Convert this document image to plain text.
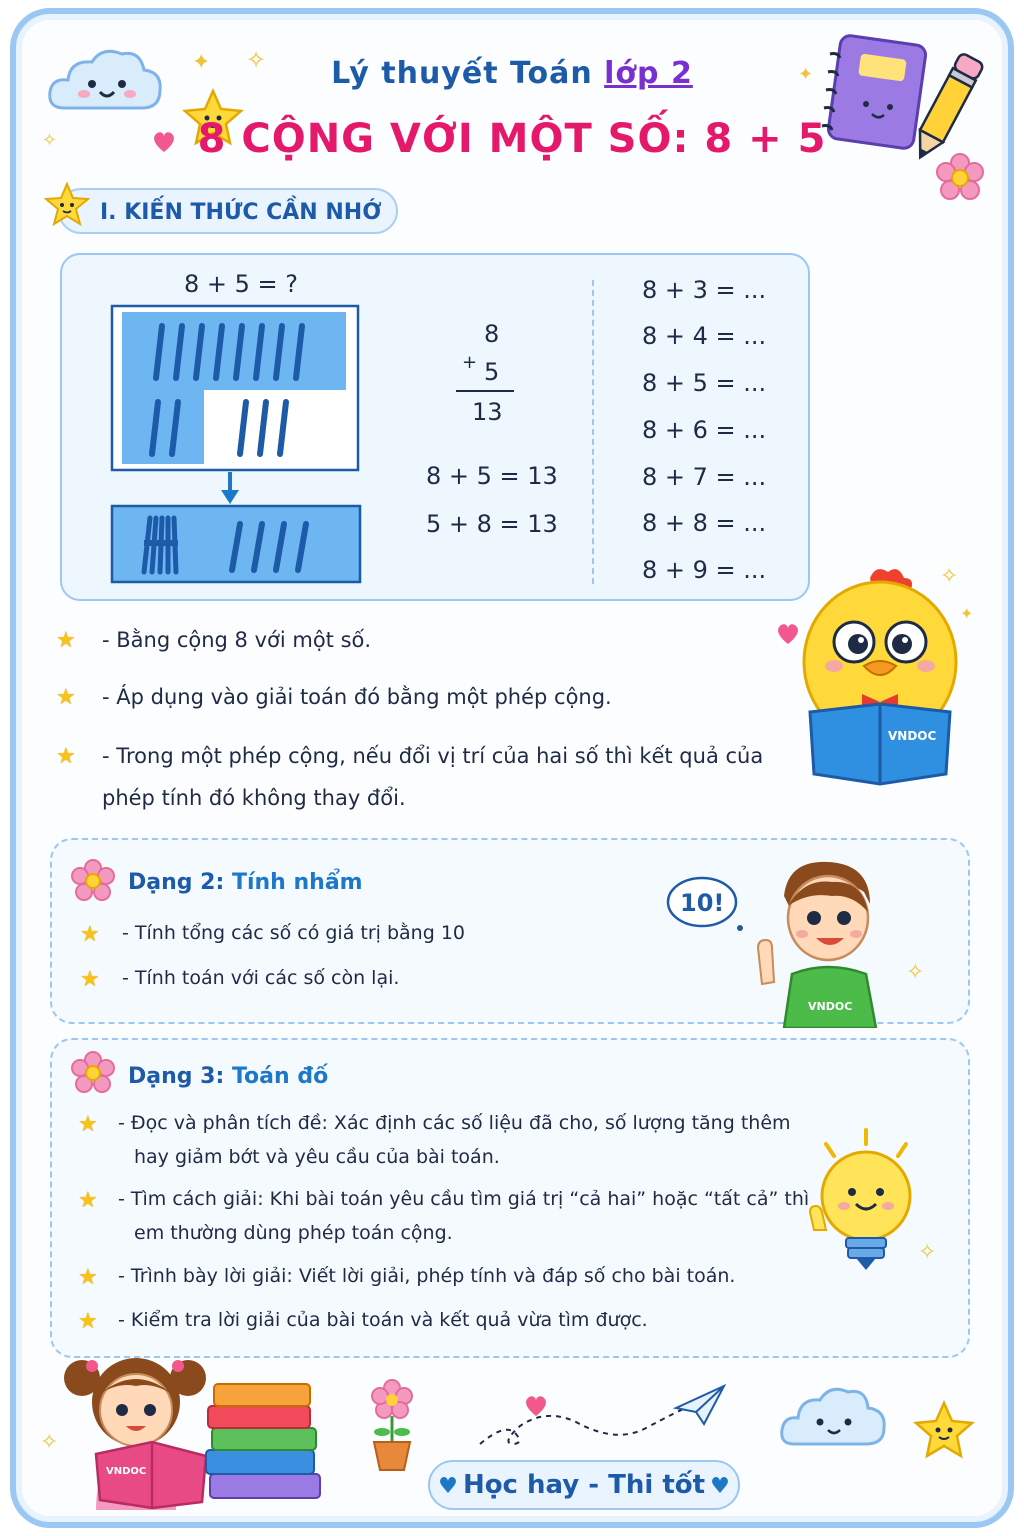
✦ ✧
✧
✦
Lý thuyết Toán lớp 2
8 CỘNG VỚI MỘT SỐ: 8 + 5
I. KIẾN THỨC CẦN NHỚ
8 + 5 = ?
8
+ 5
13
8 + 5 = 13
5 + 8 = 13
8 + 3 = ...
8 + 4 = ...
8 + 5 = ...
8 + 6 = ...
8 + 7 = ...
8 + 8 = ...
8 + 9 = ...
★ - Bằng cộng 8 với một số.
★ - Áp dụng vào giải toán đó bằng một phép cộng.
★ - Trong một phép cộng, nếu đổi vị trí của hai số thì kết quả của
phép tính đó không thay đổi.
VNDOC
✧
✦
Dạng 2: Tính nhẩm
★ - Tính tổng các số có giá trị bằng 10
★ - Tính toán với các số còn lại.
10!
VNDOC
✧
Dạng 3: Toán đố
★ - Đọc và phân tích đề: Xác định các số liệu đã cho, số lượng tăng thêm
hay giảm bớt và yêu cầu của bài toán.
★ - Tìm cách giải: Khi bài toán yêu cầu tìm giá trị “cả hai” hoặc “tất cả” thì
em thường dùng phép toán cộng.
★ - Trình bày lời giải: Viết lời giải, phép tính và đáp số cho bài toán.
★ - Kiểm tra lời giải của bài toán và kết quả vừa tìm được.
✧
VNDOC
✧
♥ Học hay - Thi tốt ♥
